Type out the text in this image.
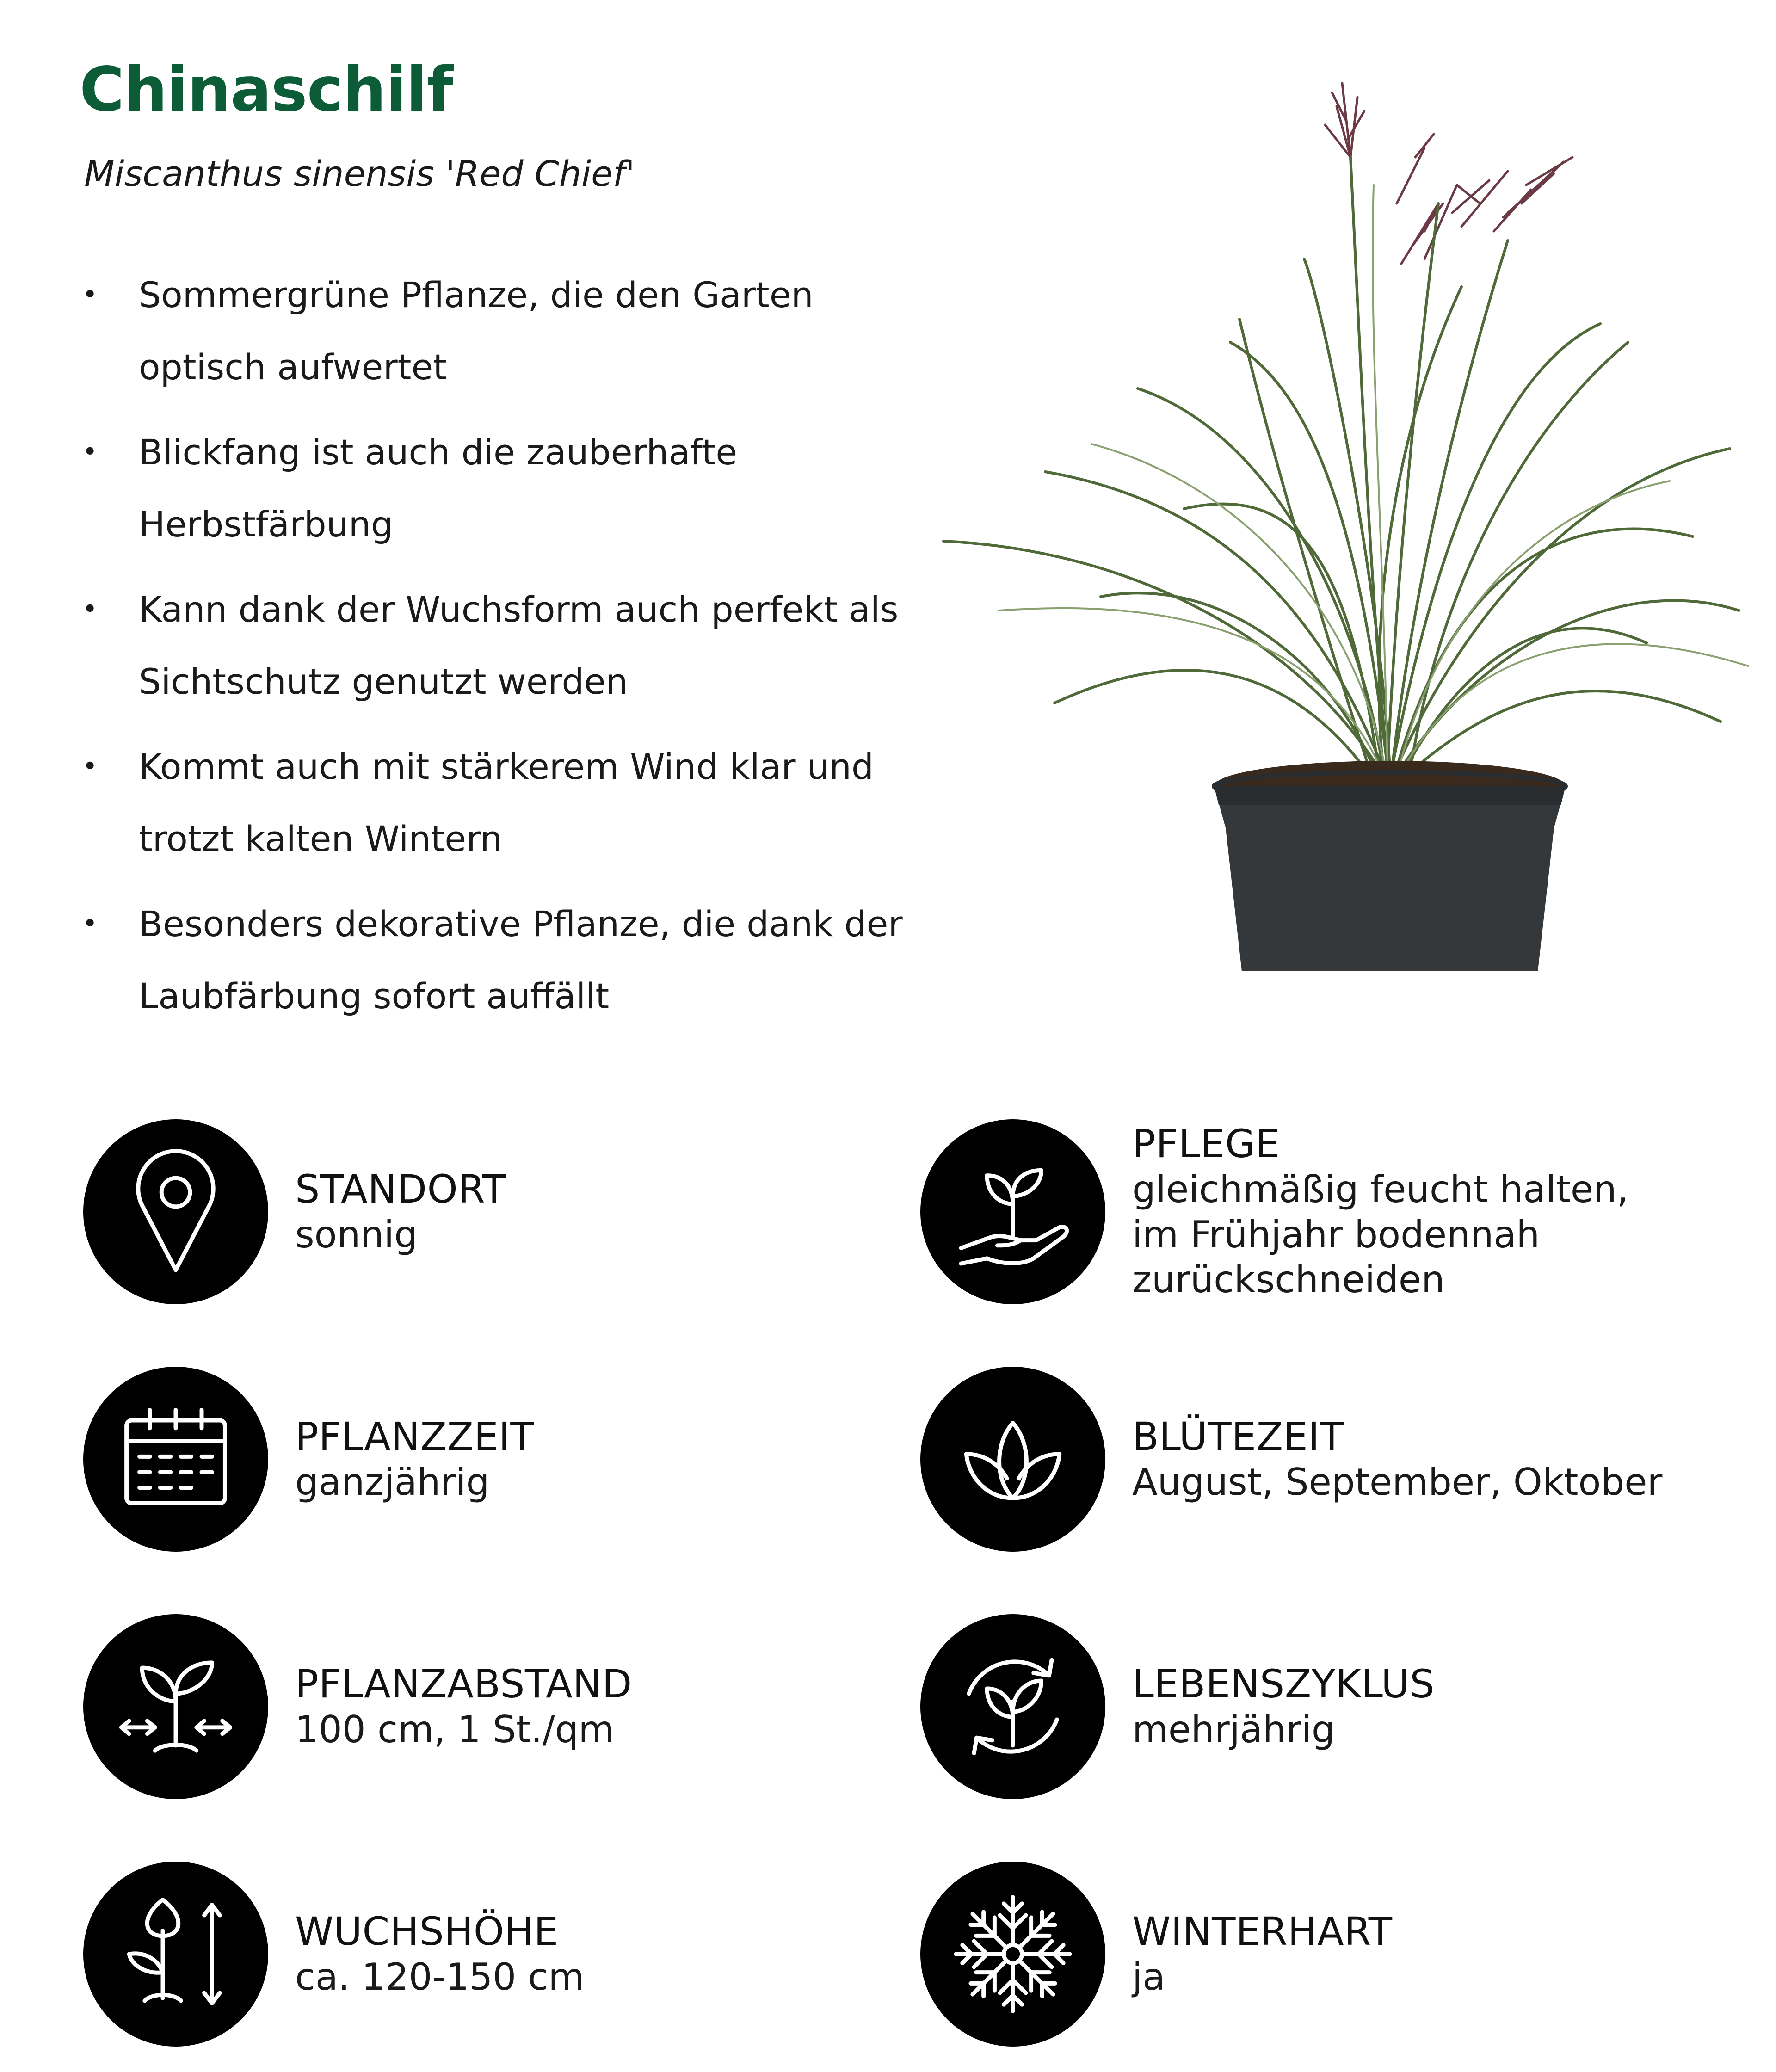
Chinaschilf

Miscanthus sinensis 'Red Chief'

• Sommergrüne Pflanze, die den Garten optisch aufwertet
• Blickfang ist auch die zauberhafte Herbstfärbung
• Kann dank der Wuchsform auch perfekt als Sichtschutz genutzt werden
• Kommt auch mit stärkerem Wind klar und trotzt kalten Wintern
• Besonders dekorative Pflanze, die dank der Laubfärbung sofort auffällt
STANDORT
sonnig
PFLEGE
gleichmäßig feucht halten,
im Frühjahr bodennah
zurückschneiden
PFLANZZEIT
ganzjährig
BLÜTEZEIT
August, September, Oktober
PFLANZABSTAND
100 cm, 1 St./qm
LEBENSZYKLUS
mehrjährig
WUCHSHÖHE
ca. 120-150 cm
WINTERHART
ja
